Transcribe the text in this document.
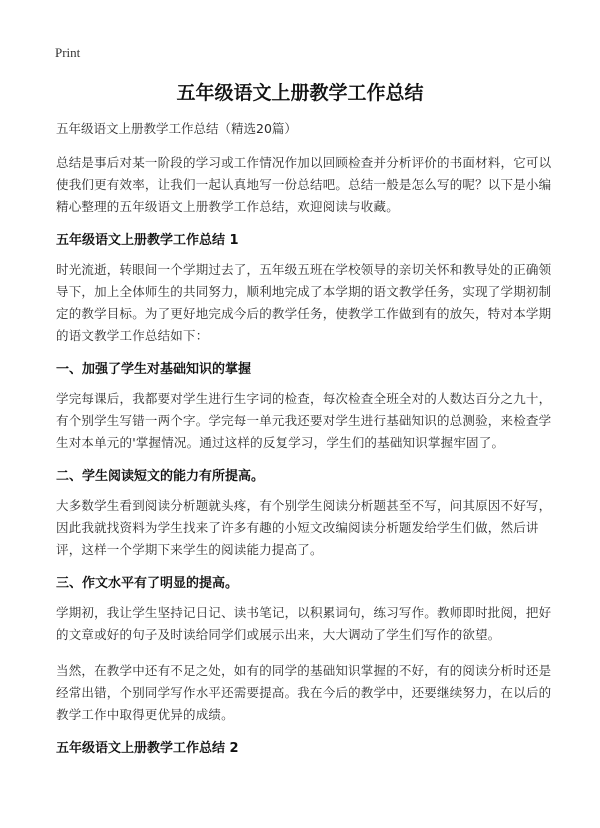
Print
五年级语文上册教学工作总结

五年级语文上册教学工作总结（精选20篇）

总结是事后对某一阶段的学习或工作情况作加以回顾检查并分析评价的书面材料，它可以使我们更有效率，让我们一起认真地写一份总结吧。总结一般是怎么写的呢？以下是小编精心整理的五年级语文上册教学工作总结，欢迎阅读与收藏。

五年级语文上册教学工作总结 1

时光流逝，转眼间一个学期过去了，五年级五班在学校领导的亲切关怀和教导处的正确领导下，加上全体师生的共同努力，顺利地完成了本学期的语文教学任务，实现了学期初制定的教学目标。为了更好地完成今后的教学任务，使教学工作做到有的放矢，特对本学期的语文教学工作总结如下：

一、加强了学生对基础知识的掌握

学完每课后，我都要对学生进行生字词的检查，每次检查全班全对的人数达百分之九十，有个别学生写错一两个字。学完每一单元我还要对学生进行基础知识的总测验，来检查学生对本单元的'掌握情况。通过这样的反复学习，学生们的基础知识掌握牢固了。

二、学生阅读短文的能力有所提高。

大多数学生看到阅读分析题就头疼，有个别学生阅读分析题甚至不写，问其原因不好写，因此我就找资料为学生找来了许多有趣的小短文改编阅读分析题发给学生们做，然后讲评，这样一个学期下来学生的阅读能力提高了。

三、作文水平有了明显的提高。

学期初，我让学生坚持记日记、读书笔记，以积累词句，练习写作。教师即时批阅，把好的文章或好的句子及时读给同学们或展示出来，大大调动了学生们写作的欲望。

当然，在教学中还有不足之处，如有的同学的基础知识掌握的不好，有的阅读分析时还是经常出错，个别同学写作水平还需要提高。我在今后的教学中，还要继续努力，在以后的教学工作中取得更优异的成绩。

五年级语文上册教学工作总结 2
